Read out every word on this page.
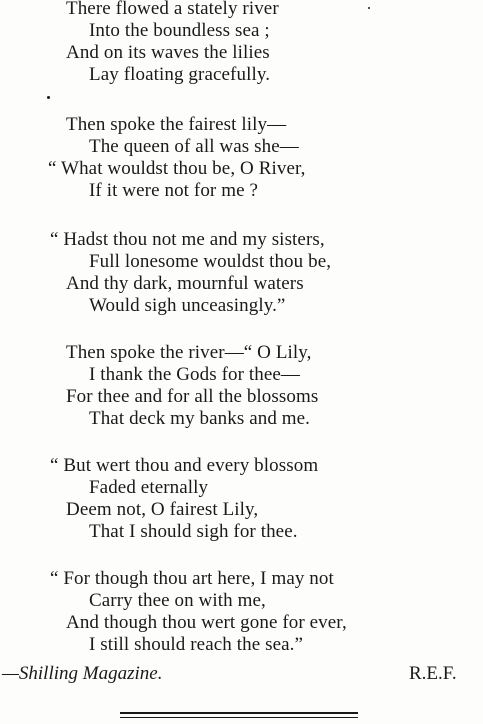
There flowed a stately river
Into the boundless sea ;
And on its waves the lilies
Lay floating gracefully.
Then spoke the fairest lily—
The queen of all was she—
“ What wouldst thou be, O River,
If it were not for me ?
“ Hadst thou not me and my sisters,
Full lonesome wouldst thou be,
And thy dark, mournful waters
Would sigh unceasingly.”
Then spoke the river—“ O Lily,
I thank the Gods for thee—
For thee and for all the blossoms
That deck my banks and me.
“ But wert thou and every blossom
Faded eternally
Deem not, O fairest Lily,
That I should sigh for thee.
“ For though thou art here, I may not
Carry thee on with me,
And though thou wert gone for ever,
I still should reach the sea.”
—Shilling Magazine.	R.E.F.
